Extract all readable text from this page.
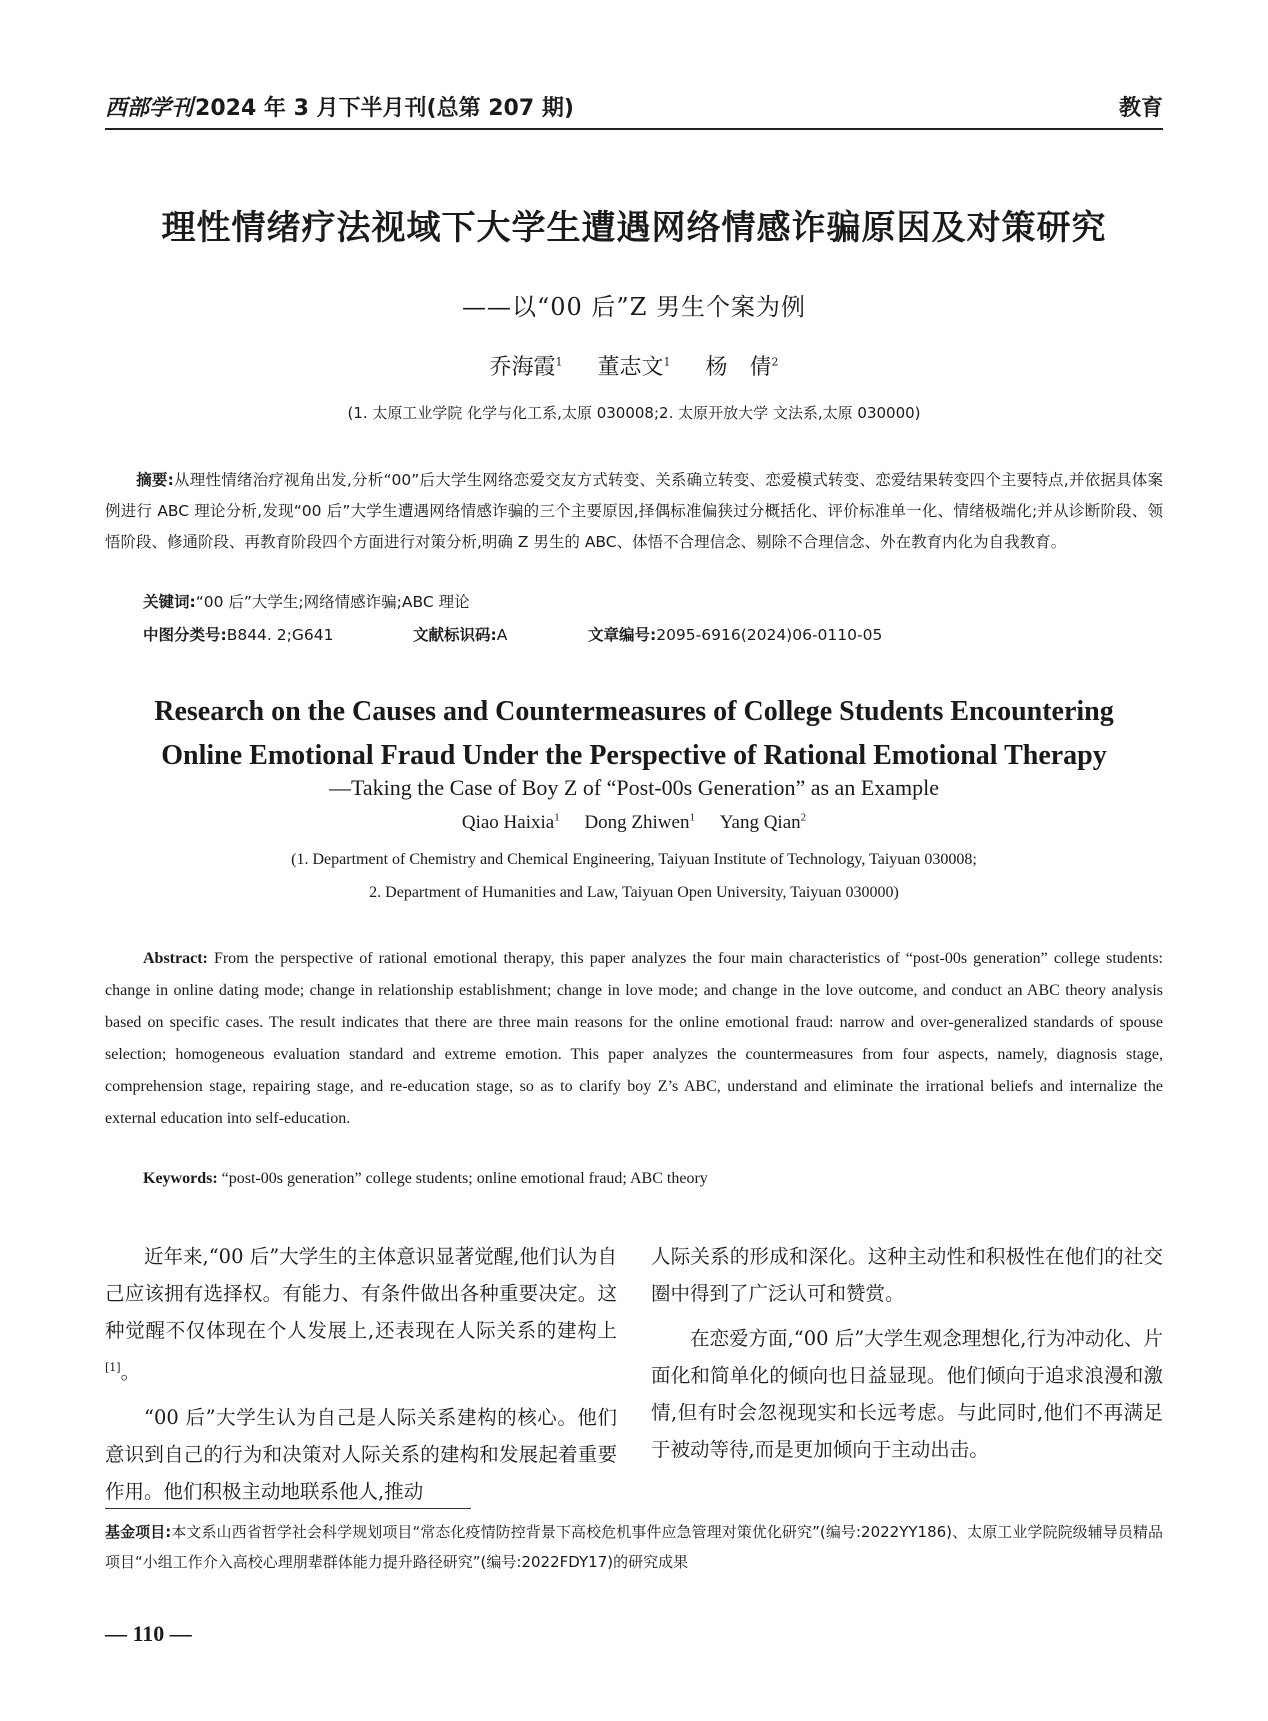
西部学刊 2024 年 3 月下半月刊(总第 207 期)	教育
理性情绪疗法视域下大学生遭遇网络情感诈骗原因及对策研究
——以“00 后”Z 男生个案为例
乔海霞$^1$ 董志文$^1$ 杨　倩$^2$
(1. 太原工业学院 化学与化工系,太原 030008;2. 太原开放大学 文法系,太原 030000)
摘要:从理性情绪治疗视角出发,分析“00”后大学生网络恋爱交友方式转变、关系确立转变、恋爱模式转变、恋爱结果转变四个主要特点,并依据具体案例进行 ABC 理论分析,发现“00 后”大学生遭遇网络情感诈骗的三个主要原因,择偶标准偏狭过分概括化、评价标准单一化、情绪极端化;并从诊断阶段、领悟阶段、修通阶段、再教育阶段四个方面进行对策分析,明确 Z 男生的 ABC、体悟不合理信念、剔除不合理信念、外在教育内化为自我教育。
关键词:“00 后”大学生;网络情感诈骗;ABC 理论
中图分类号:B844. 2;G641	文献标识码:A	文章编号:2095-6916(2024)06-0110-05
Research on the Causes and Countermeasures of College Students Encountering
Online Emotional Fraud Under the Perspective of Rational Emotional Therapy
—Taking the Case of Boy Z of “Post-00s Generation” as an Example
Qiao Haixia$^1$ Dong Zhiwen$^1$ Yang Qian$^2$
(1. Department of Chemistry and Chemical Engineering, Taiyuan Institute of Technology, Taiyuan 030008;
2. Department of Humanities and Law, Taiyuan Open University, Taiyuan 030000)
Abstract: From the perspective of rational emotional therapy, this paper analyzes the four main characteristics of “post-00s generation” college students: change in online dating mode; change in relationship establishment; change in love mode; and change in the love outcome, and conduct an ABC theory analysis based on specific cases. The result indicates that there are three main reasons for the online emotional fraud: narrow and over-generalized standards of spouse selection; homogeneous evaluation standard and extreme emotion. This paper analyzes the countermeasures from four aspects, namely, diagnosis stage, comprehension stage, repairing stage, and re-education stage, so as to clarify boy Z’s ABC, understand and eliminate the irrational beliefs and internalize the external education into self-education.
Keywords: “post-00s generation” college students; online emotional fraud; ABC theory

近年来,“00 后”大学生的主体意识显著觉醒,他们认为自己应该拥有选择权。有能力、有条件做出各种重要决定。这种觉醒不仅体现在个人发展上,还表现在人际关系的建构上[1]。

“00 后”大学生认为自己是人际关系建构的核心。他们意识到自己的行为和决策对人际关系的建构和发展起着重要作用。他们积极主动地联系他人,推动

人际关系的形成和深化。这种主动性和积极性在他们的社交圈中得到了广泛认可和赞赏。

在恋爱方面,“00 后”大学生观念理想化,行为冲动化、片面化和简单化的倾向也日益显现。他们倾向于追求浪漫和激情,但有时会忽视现实和长远考虑。与此同时,他们不再满足于被动等待,而是更加倾向于主动出击。

基金项目:本文系山西省哲学社会科学规划项目“常态化疫情防控背景下高校危机事件应急管理对策优化研究”(编号:2022YY186)、太原工业学院院级辅导员精品项目“小组工作介入高校心理朋辈群体能力提升路径研究”(编号:2022FDY17)的研究成果
— 110 —
